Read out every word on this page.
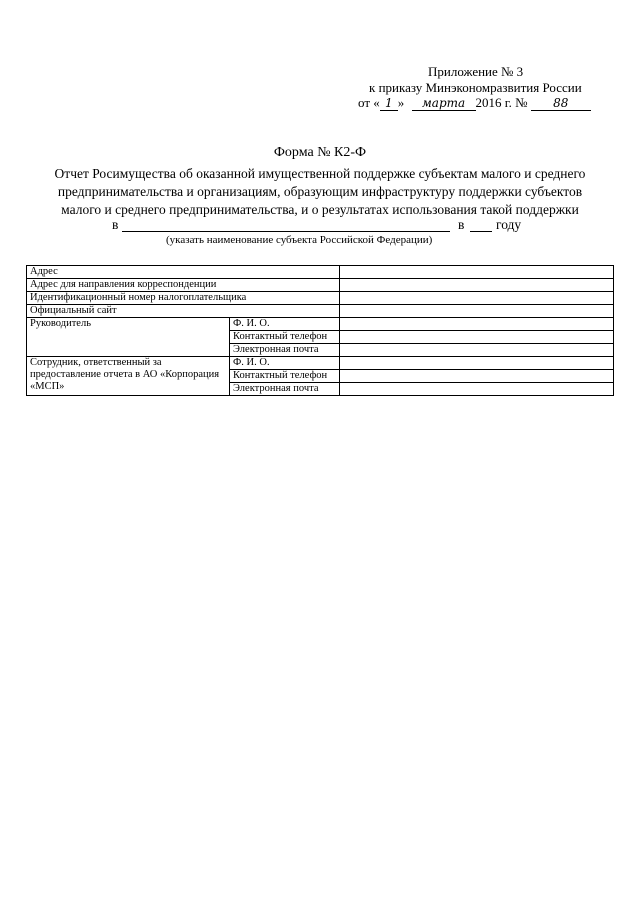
Приложение № 3
к приказу Минэкономразвития России
от « 1 » марта 2016 г. № 88
Форма № К2-Ф
Отчет Росимущества об оказанной имущественной поддержке субъектам малого и среднего
предпринимательства и организациям, образующим инфраструктуру поддержки субъектов
малого и среднего предпринимательства, и о результатах использования такой поддержки
в	в году
(указать наименование субъекта Российской Федерации)
Адрес		
Адрес для направления корреспонденции		
Идентификационный номер налогоплательщика		
Официальный сайт		
Руководитель	Ф. И. О.	
	Контактный телефон	
	Электронная почта	
Сотрудник, ответственный за предоставление отчета в АО «Корпорация «МСП»	Ф. И. О.	
	Контактный телефон	
	Электронная почта	
